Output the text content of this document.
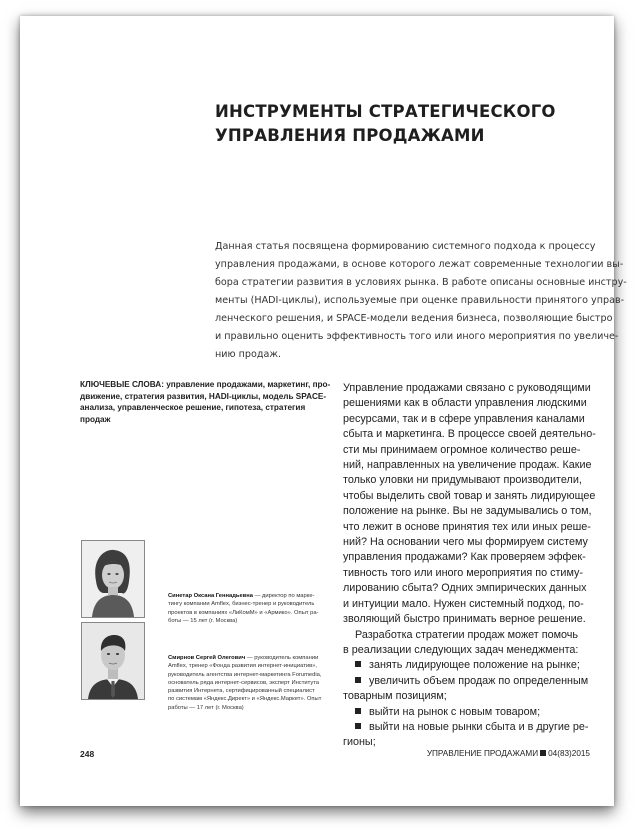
ИНСТРУМЕНТЫ СТРАТЕГИЧЕСКОГО
УПРАВЛЕНИЯ ПРОДАЖАМИ
Данная статья посвящена формированию системного подхода к процессу
управления продажами, в основе которого лежат современные технологии вы-
бора стратегии развития в условиях рынка. В работе описаны основные инстру-
менты (HADI-циклы), используемые при оценке правильности принятого управ-
ленческого решения, и SPACE-модели ведения бизнеса, позволяющие быстро
и правильно оценить эффективность того или иного мероприятия по увеличе-
нию продаж.
КЛЮЧЕВЫЕ СЛОВА: управление продажами, маркетинг, про-
движение, стратегия развития, HADI-циклы, модель SPACE-
анализа, управленческое решение, гипотеза, стратегия
продаж
Синетар Оксана Геннадьевна — директор по марке-
тингу компании Amflex, бизнес-тренер и руководитель
проектов в компаниях «ЛиКомМ» и «Армико». Опыт ра-
боты — 15 лет (г. Москва)
Смирнов Сергей Олегович — руководитель компании
Amflex, тренер «Фонда развития интернет-инициатив»,
руководитель агентства интернет-маркетинга Forumedia,
основатель ряда интернет-сервисов, эксперт Института
развития Интернета, сертифицированный специалист
по системам «Яндекс.Директ» и «Яндекс.Маркет». Опыт
работы — 17 лет (г. Москва)
Управление продажами связано с руководящими
решениями как в области управления людскими
ресурсами, так и в сфере управления каналами
сбыта и маркетинга. В процессе своей деятельно-
сти мы принимаем огромное количество реше-
ний, направленных на увеличение продаж. Какие
только уловки ни придумывают производители,
чтобы выделить свой товар и занять лидирующее
положение на рынке. Вы не задумывались о том,
что лежит в основе принятия тех или иных реше-
ний? На основании чего мы формируем систему
управления продажами? Как проверяем эффек-
тивность того или иного мероприятия по стиму-
лированию сбыта? Одних эмпирических данных
и интуиции мало. Нужен системный подход, по-
зволяющий быстро принимать верное решение.
Разработка стратегии продаж может помочь
в реализации следующих задач менеджмента:
занять лидирующее положение на рынке;
увеличить объем продаж по определенным
товарным позициям;
выйти на рынок с новым товаром;
выйти на новые рынки сбыта и в другие ре-
гионы;
248	УПРАВЛЕНИЕ ПРОДАЖАМИ 04(83)2015
